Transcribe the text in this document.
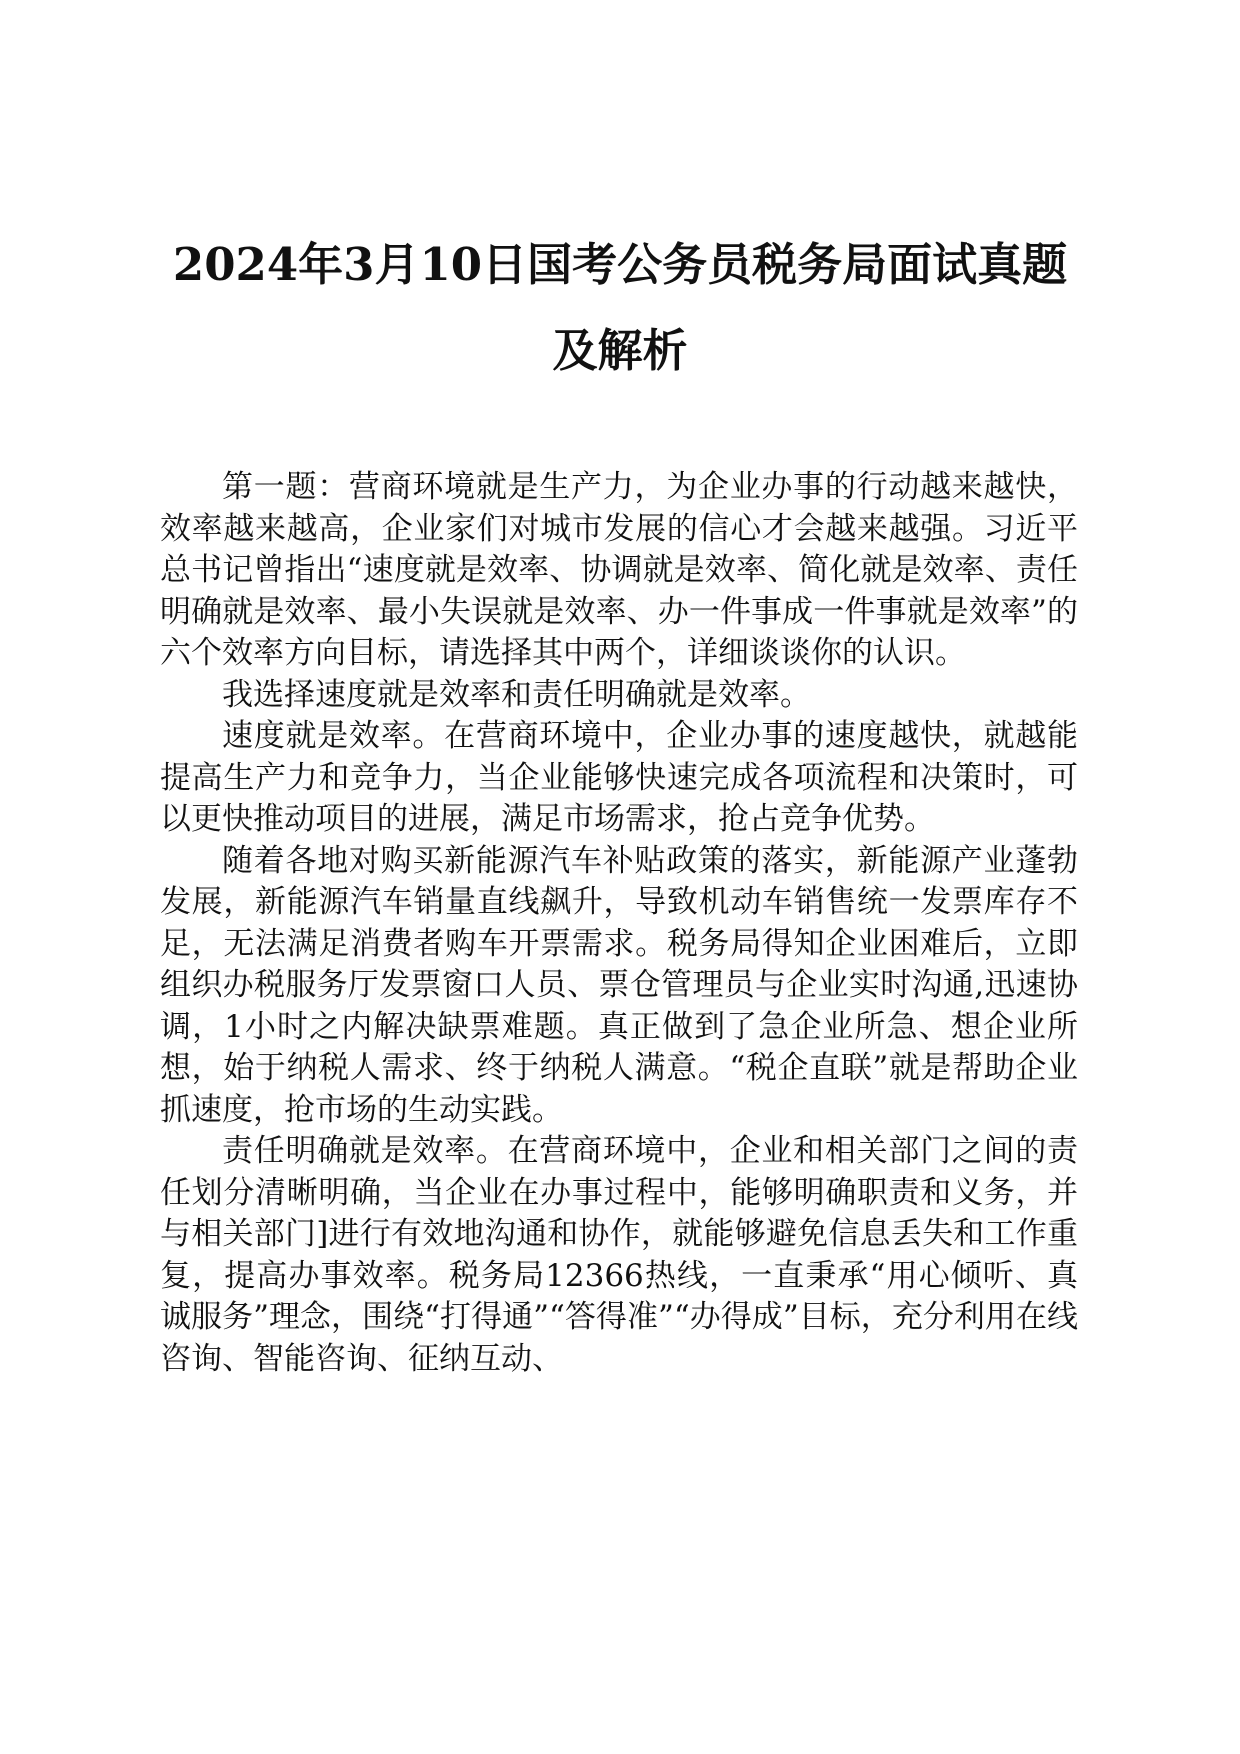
2024年3月10日国考公务员税务局面试真题
及解析

第一题：营商环境就是生产力，为企业办事的行动越来越快，效率越来越高，企业家们对城市发展的信心才会越来越强。习近平总书记曾指出“速度就是效率、协调就是效率、简化就是效率、责任明确就是效率、最小失误就是效率、办一件事成一件事就是效率”的六个效率方向目标，请选择其中两个，详细谈谈你的认识。

我选择速度就是效率和责任明确就是效率。

速度就是效率。在营商环境中，企业办事的速度越快，就越能提高生产力和竞争力，当企业能够快速完成各项流程和决策时，可以更快推动项目的进展，满足市场需求，抢占竞争优势。

随着各地对购买新能源汽车补贴政策的落实，新能源产业蓬勃发展，新能源汽车销量直线飙升，导致机动车销售统一发票库存不足，无法满足消费者购车开票需求。税务局得知企业困难后，立即组织办税服务厅发票窗口人员、票仓管理员与企业实时沟通,迅速协调，1小时之内解决缺票难题。真正做到了急企业所急、想企业所想，始于纳税人需求、终于纳税人满意。“税企直联”就是帮助企业抓速度，抢市场的生动实践。

责任明确就是效率。在营商环境中，企业和相关部门之间的责任划分清晰明确，当企业在办事过程中，能够明确职责和义务，并与相关部门]进行有效地沟通和协作，就能够避免信息丢失和工作重复，提高办事效率。税务局12366热线，一直秉承“用心倾听、真诚服务”理念，围绕“打得通”“答得准”“办得成”目标，充分利用在线咨询、智能咨询、征纳互动、
